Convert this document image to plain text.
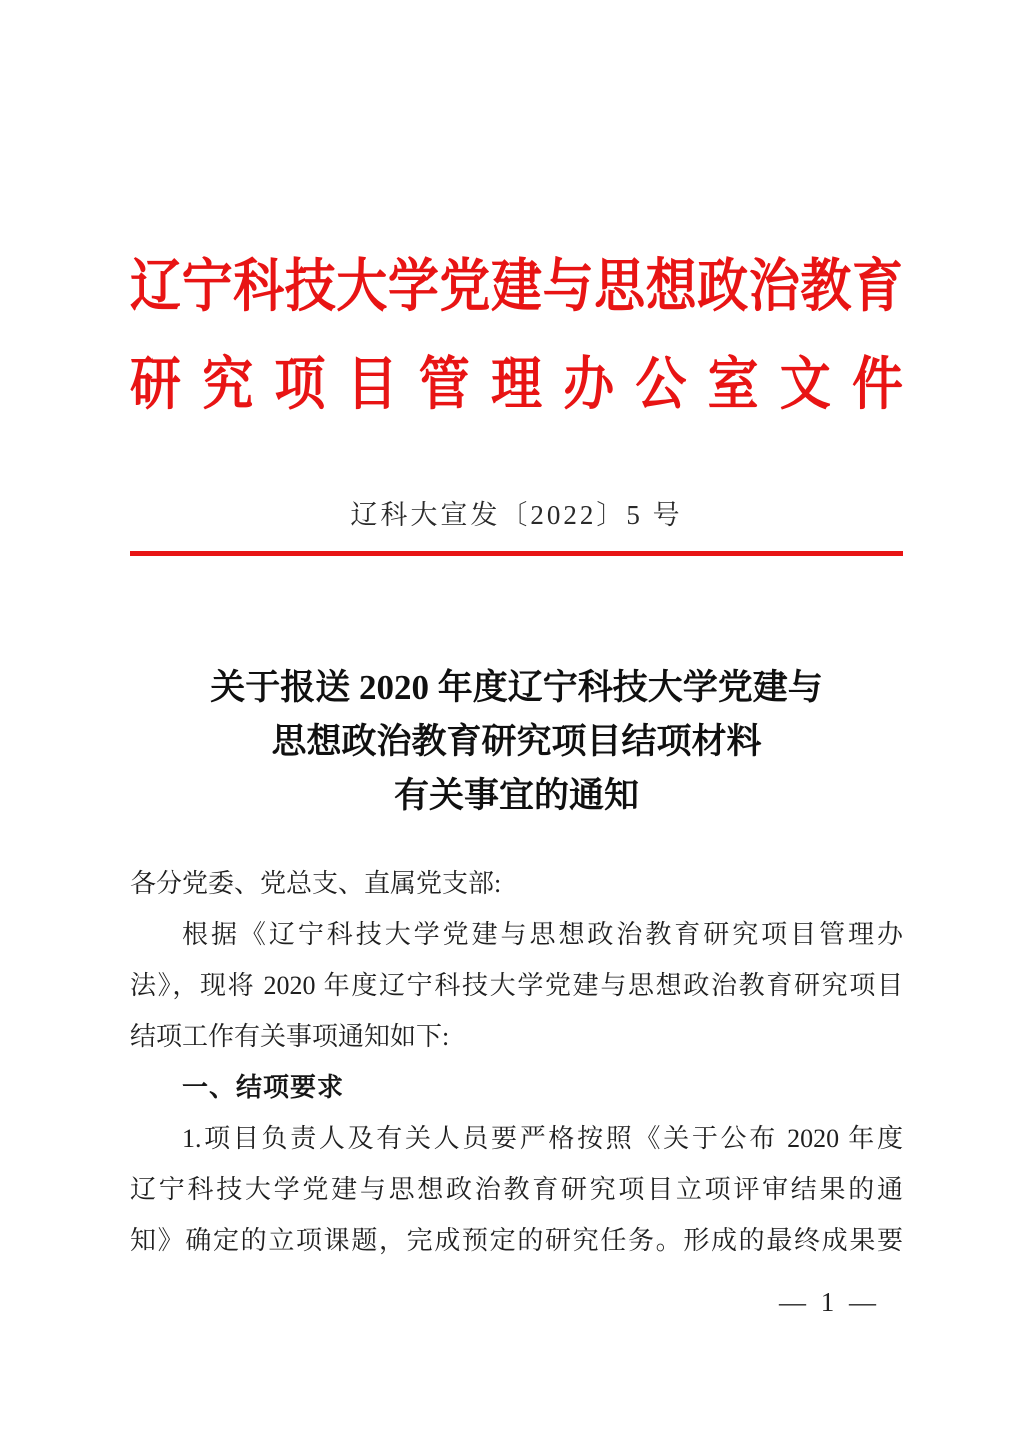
辽宁科技大学党建与思想政治教育
研究项目管理办公室文件
辽科大宣发〔2022〕5 号
关于报送 2020 年度辽宁科技大学党建与
思想政治教育研究项目结项材料
有关事宜的通知
各分党委、党总支、直属党支部:
根据《辽宁科技大学党建与思想政治教育研究项目管理办
法》，现将 2020 年度辽宁科技大学党建与思想政治教育研究项目
结项工作有关事项通知如下:
一、结项要求
1.项目负责人及有关人员要严格按照《关于公布 2020 年度
辽宁科技大学党建与思想政治教育研究项目立项评审结果的通
知》确定的立项课题，完成预定的研究任务。形成的最终成果要
— 1 —
